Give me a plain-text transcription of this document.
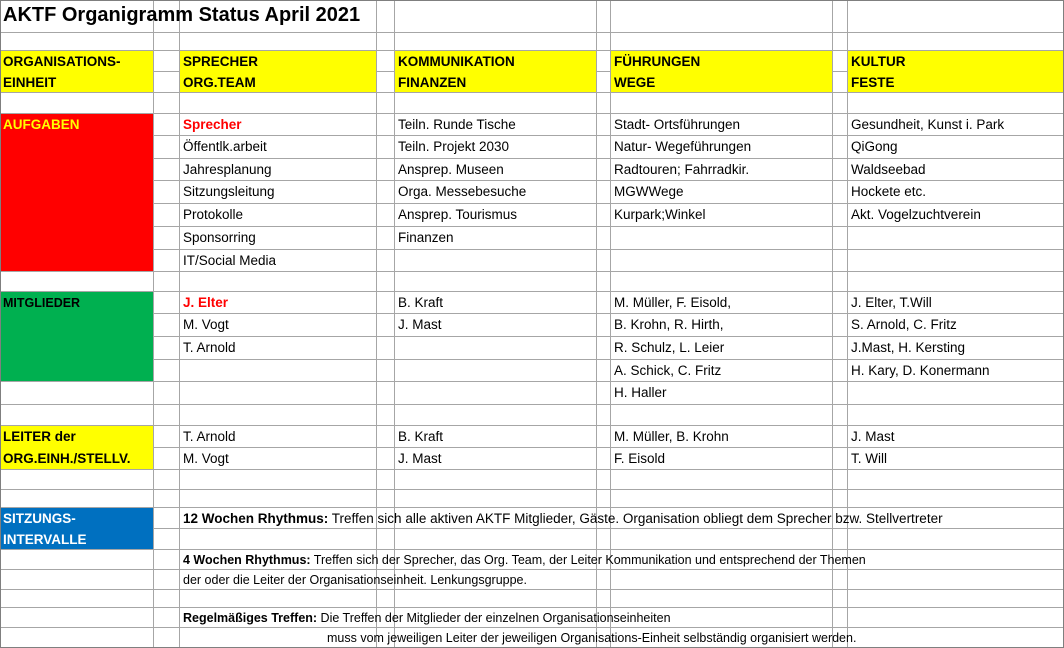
AKTF Organigramm Status April 2021
ORGANISATIONS-
EINHEIT
SPRECHER
ORG.TEAM
KOMMUNIKATION
FINANZEN
FÜHRUNGEN
WEGE
KULTUR
FESTE
AUFGABEN	Sprecher
Öffentlk.arbeit
Jahresplanung
Sitzungsleitung
Protokolle
Sponsorring
IT/Social Media
Teiln. Runde Tische
Teiln. Projekt 2030
Ansprep. Museen
Orga. Messebesuche
Ansprep. Tourismus
Finanzen
Stadt- Ortsführungen
Natur- Wegeführungen
Radtouren; Fahrradkir.
MGWWege
Kurpark;Winkel
Gesundheit, Kunst i. Park
QiGong
Waldseebad
Hockete etc.
Akt. Vogelzuchtverein
MITGLIEDER	J. Elter
M. Vogt
T. Arnold
B. Kraft
J. Mast
M. Müller, F. Eisold,
B. Krohn, R. Hirth,
R. Schulz, L. Leier
A. Schick, C. Fritz
H. Haller
J. Elter, T.Will
S. Arnold, C. Fritz
J.Mast, H. Kersting
H. Kary, D. Konermann
LEITER der
ORG.EINH./STELLV.
T. Arnold
M. Vogt
B. Kraft
J. Mast
M. Müller, B. Krohn
F. Eisold
J. Mast
T. Will
SITZUNGS-
INTERVALLE
12 Wochen Rhythmus: Treffen sich alle aktiven AKTF Mitglieder, Gäste. Organisation obliegt dem Sprecher bzw. Stellvertreter
4 Wochen Rhythmus: Treffen sich der Sprecher, das Org. Team, der Leiter Kommunikation und entsprechend der Themen
der oder die Leiter der Organisationseinheit. Lenkungsgruppe.
Regelmäßiges Treffen: Die Treffen der Mitglieder der einzelnen Organisationseinheiten
muss vom jeweiligen Leiter der jeweiligen Organisations-Einheit selbständig organisiert werden.
